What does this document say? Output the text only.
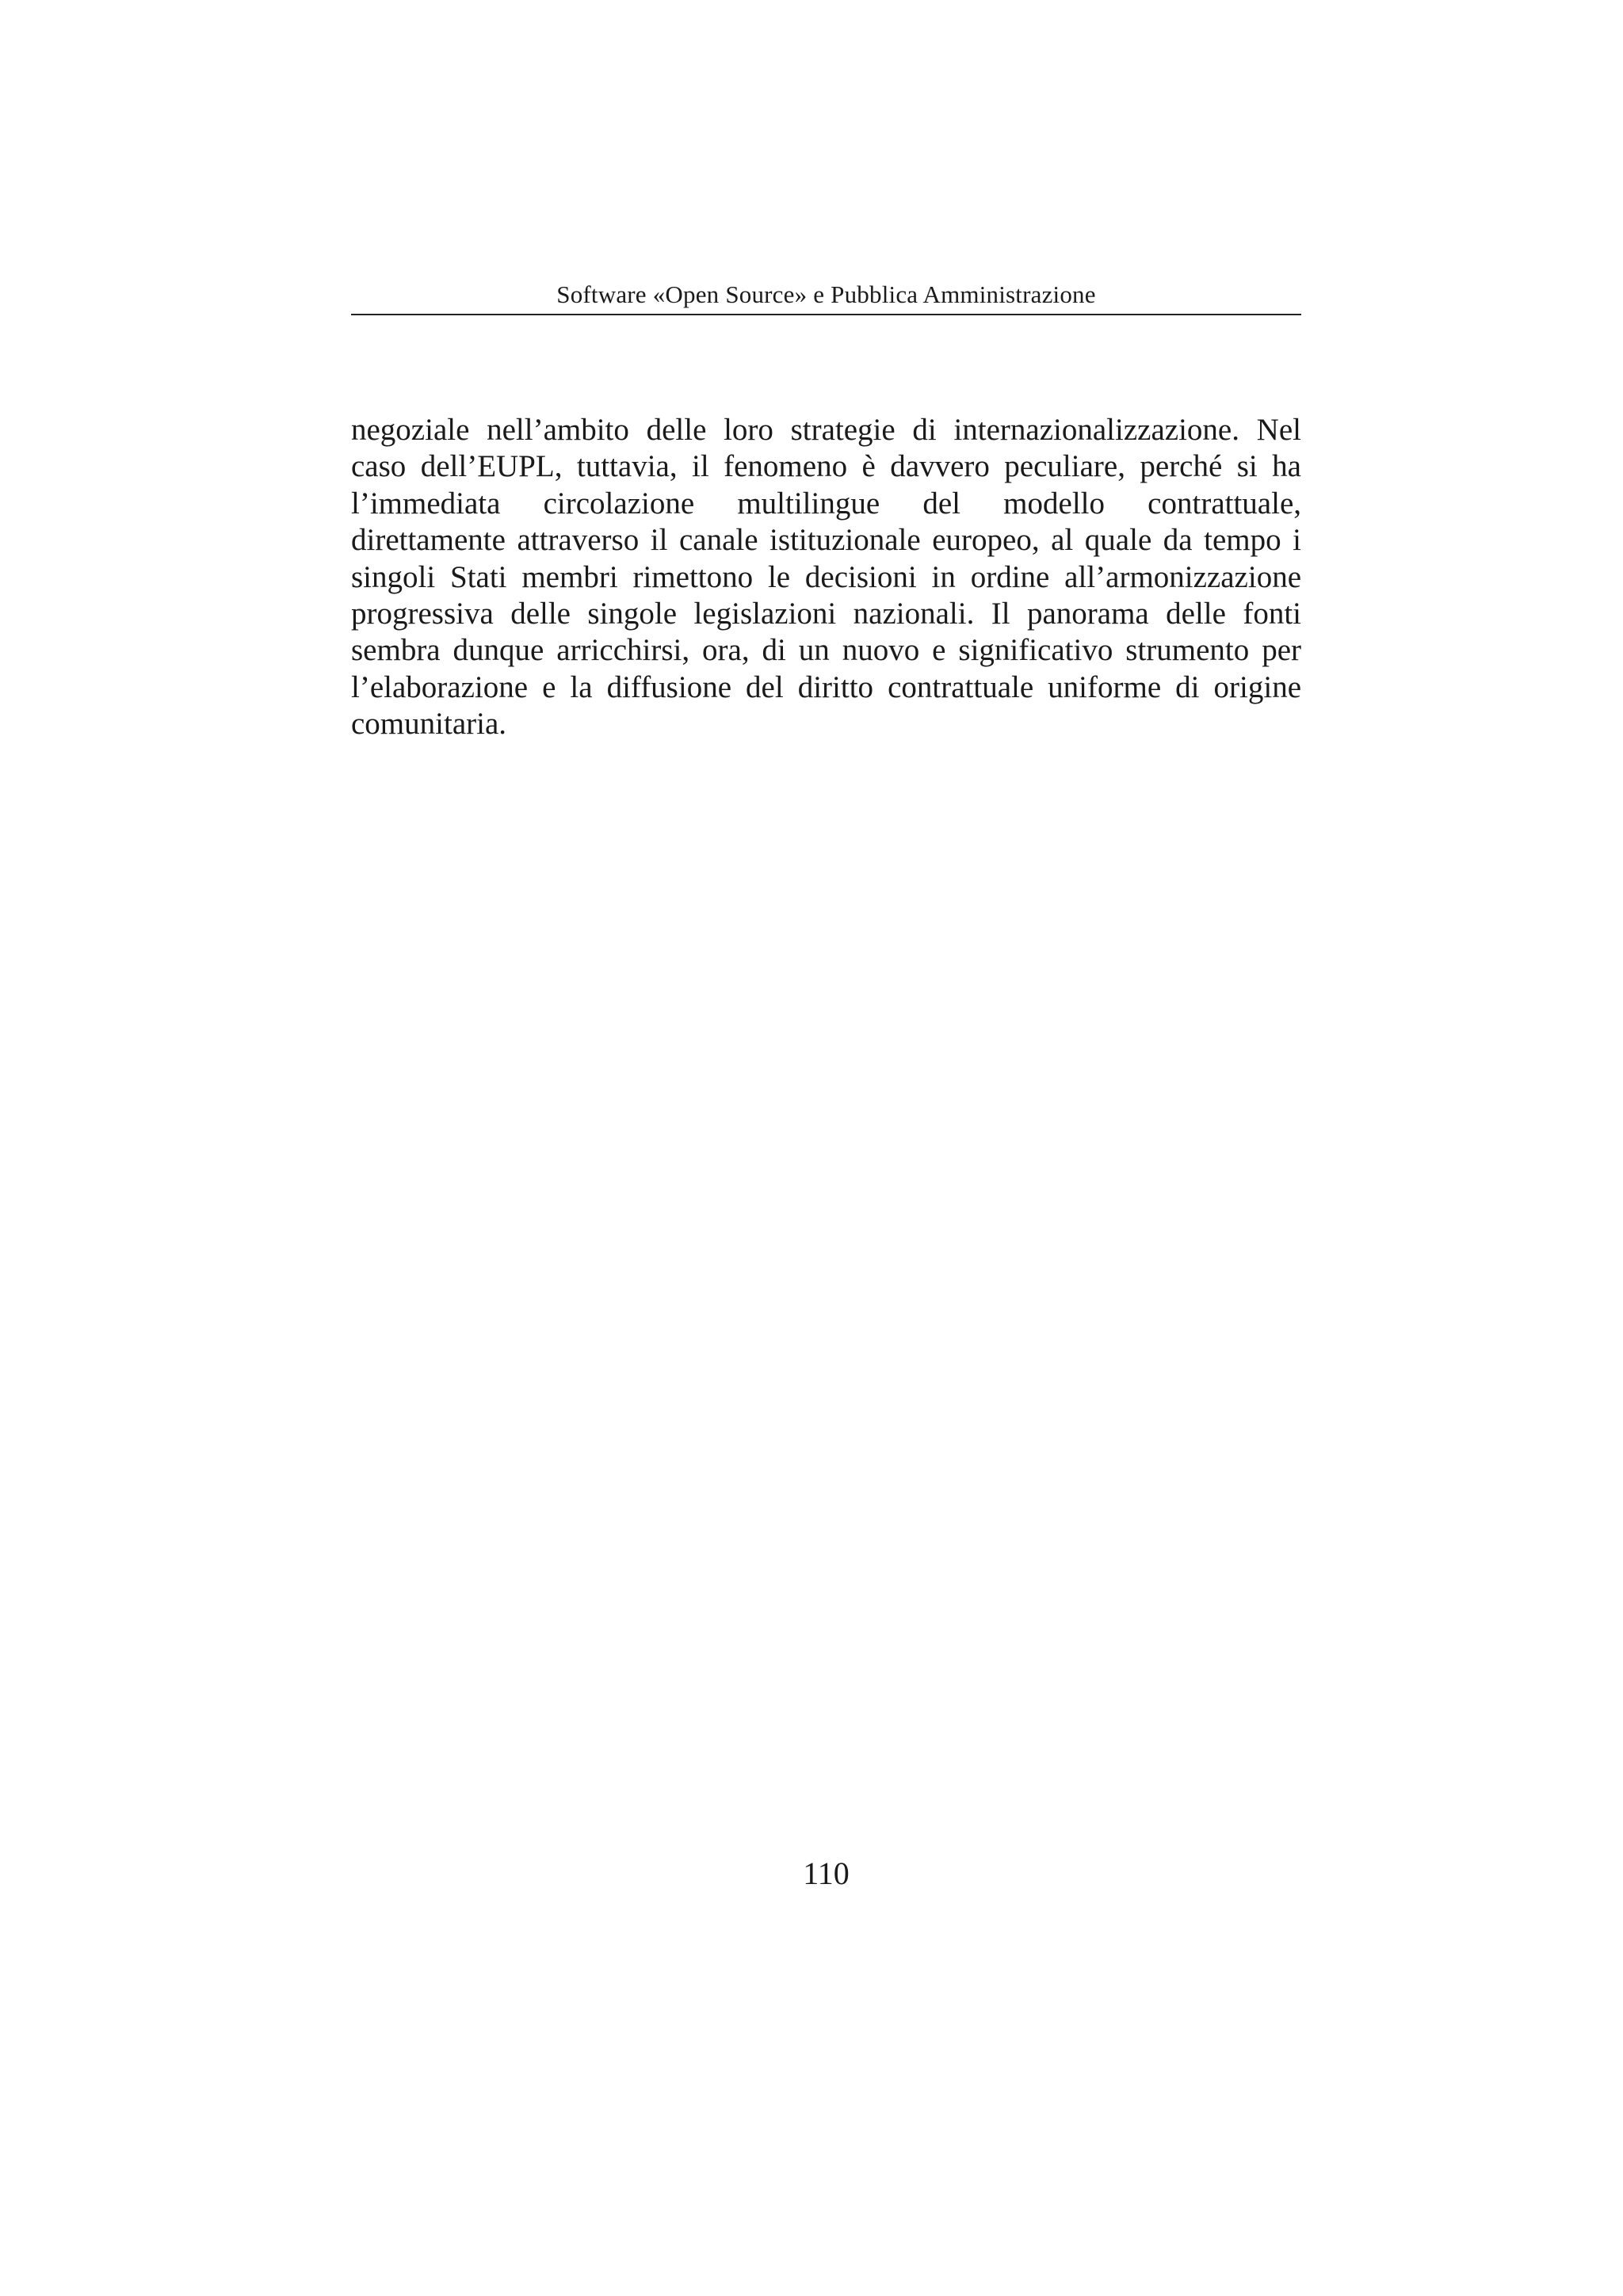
Software «Open Source» e Pubblica Amministrazione
negoziale nell’ambito delle loro strategie di internazionalizzazione. Nel
caso dell’EUPL, tuttavia, il fenomeno è davvero peculiare, perché si ha
l’immediata circolazione multilingue del modello contrattuale,
direttamente attraverso il canale istituzionale europeo, al quale da tempo i
singoli Stati membri rimettono le decisioni in ordine all’armonizzazione
progressiva delle singole legislazioni nazionali. Il panorama delle fonti
sembra dunque arricchirsi, ora, di un nuovo e significativo strumento per
l’elaborazione e la diffusione del diritto contrattuale uniforme di origine
comunitaria.
110
